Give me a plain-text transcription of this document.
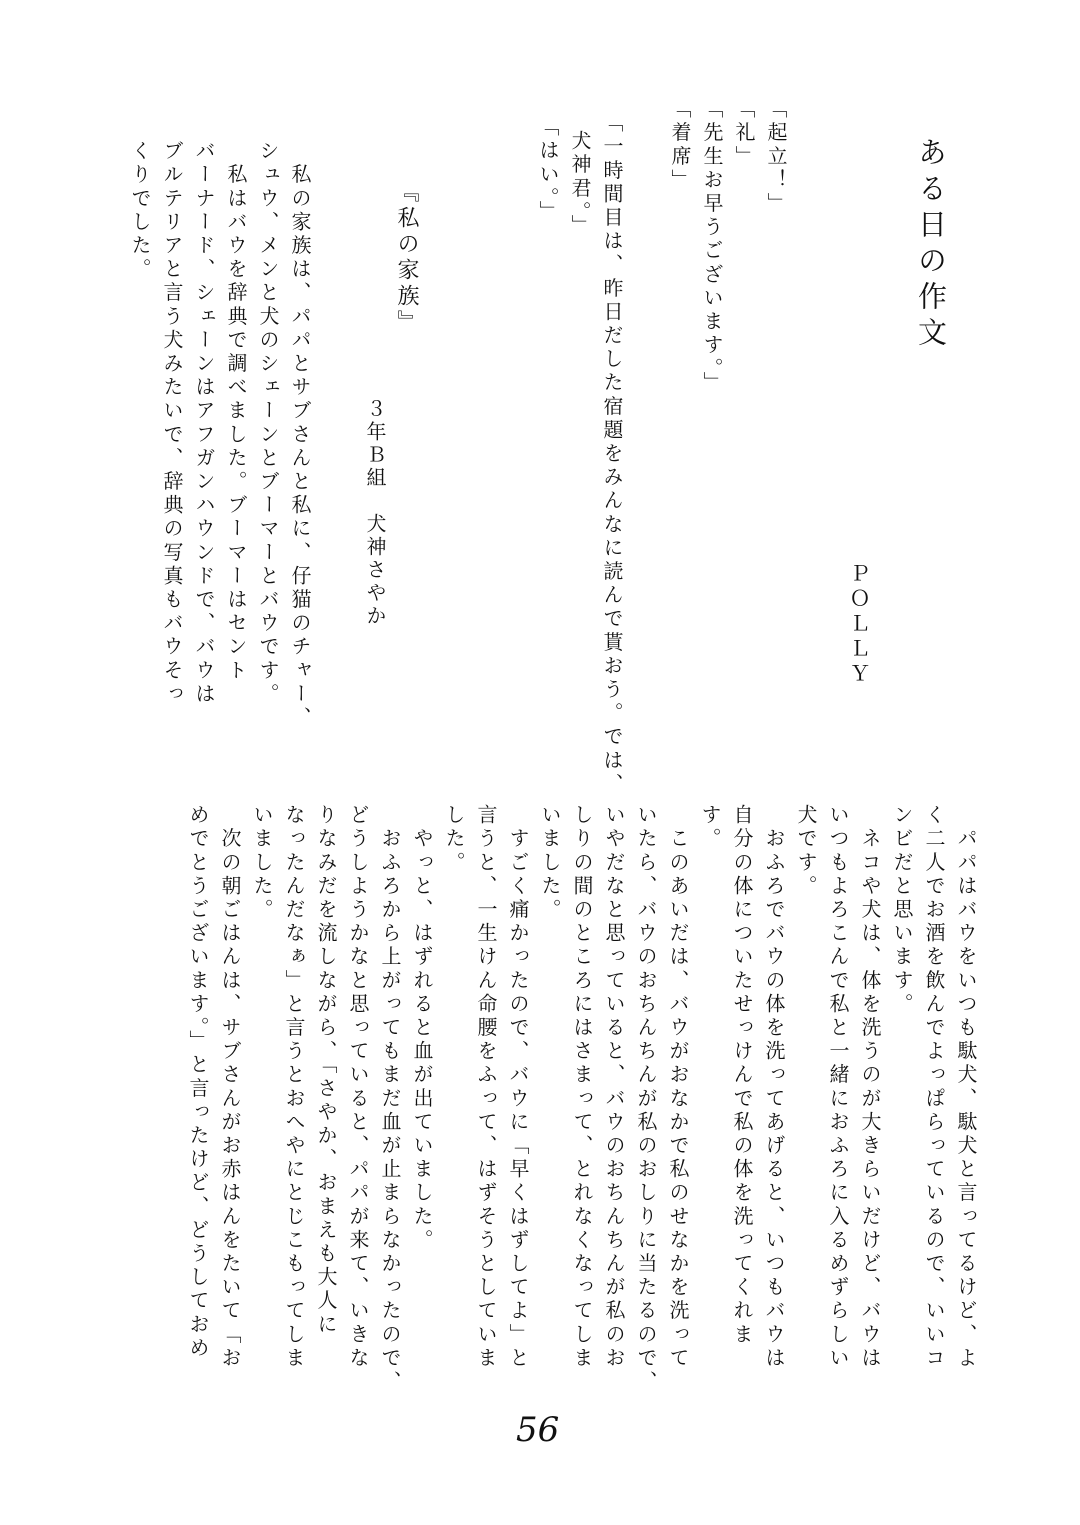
ある日の作文
ＰＯＬＬＹ
「起立！」
「礼」
「先生お早うございます。」
「着席」
「一時間目は、昨日だした宿題をみんなに読んで貰おう。では、
犬神君。」
「はい。」
『私の家族』
３年Ｂ組　犬神さやか
　私の家族は、パパとサブさんと私に、仔猫のチャー、
シュウ、メンと犬のシェーンとブーマーとバウです。
　私はバウを辞典で調べました。ブーマーはセント
バーナード、シェーンはアフガンハウンドで、バウは
ブルテリアと言う犬みたいで、辞典の写真もバウそっ
くりでした。
　パパはバウをいつも駄犬、駄犬と言ってるけど、よ
く二人でお酒を飲んでよっぱらっているので、いいコ
ンビだと思います。
　ネコや犬は、体を洗うのが大きらいだけど、バウは
いつもよろこんで私と一緒におふろに入るめずらしい
犬です。
　おふろでバウの体を洗ってあげると、いつもバウは
自分の体についたせっけんで私の体を洗ってくれま
す。
　このあいだは、バウがおなかで私のせなかを洗って
いたら、バウのおちんちんが私のおしりに当たるので、
いやだなと思っていると、バウのおちんちんが私のお
しりの間のところにはさまって、とれなくなってしま
いました。
　すごく痛かったので、バウに「早くはずしてよ」と
言うと、一生けん命腰をふって、はずそうとしていま
した。
　やっと、はずれると血が出ていました。
　おふろから上がってもまだ血が止まらなかったので、
どうしようかなと思っていると、パパが来て、いきな
りなみだを流しながら、「さやか、おまえも大人に
なったんだなぁ」と言うとおへやにとじこもってしま
いました。
　次の朝ごはんは、サブさんがお赤はんをたいて「お
めでとうございます。」と言ったけど、どうしておめ
56
